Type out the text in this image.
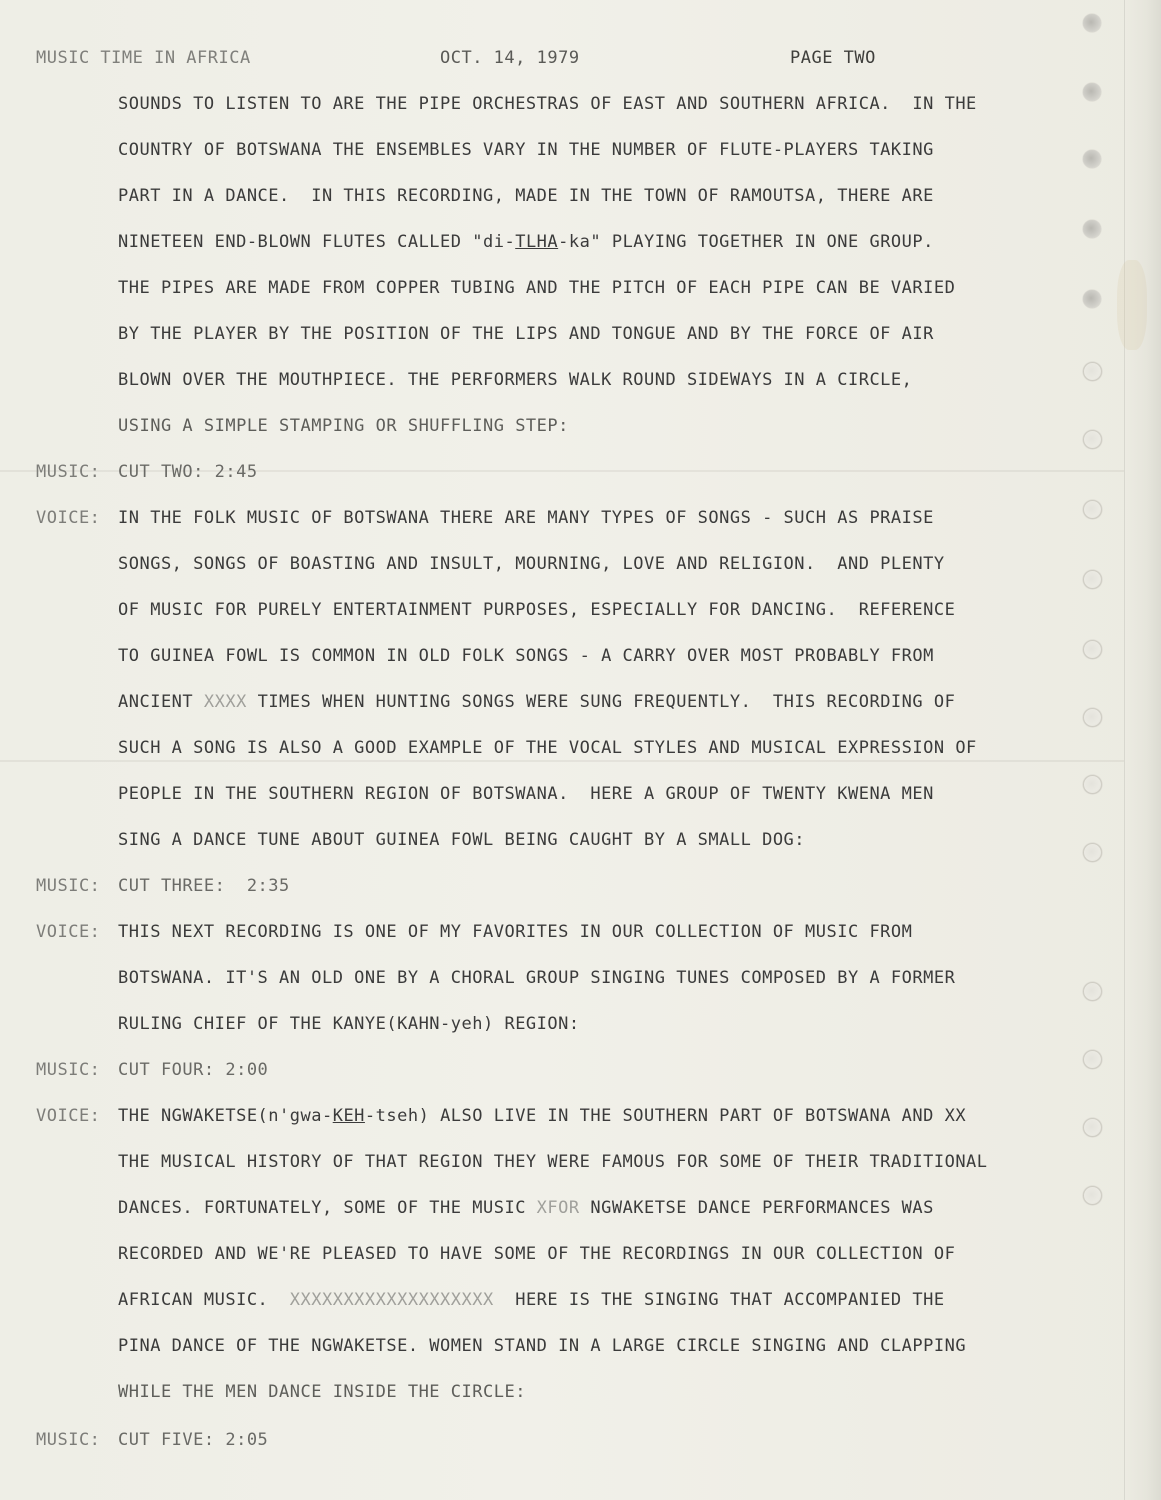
MUSIC TIME IN AFRICA	OCT. 14, 1979	PAGE TWO
SOUNDS TO LISTEN TO ARE THE PIPE ORCHESTRAS OF EAST AND SOUTHERN AFRICA.  IN THE
COUNTRY OF BOTSWANA THE ENSEMBLES VARY IN THE NUMBER OF FLUTE-PLAYERS TAKING
PART IN A DANCE.  IN THIS RECORDING, MADE IN THE TOWN OF RAMOUTSA, THERE ARE
NINETEEN END-BLOWN FLUTES CALLED "di-TLHA-ka" PLAYING TOGETHER IN ONE GROUP.
THE PIPES ARE MADE FROM COPPER TUBING AND THE PITCH OF EACH PIPE CAN BE VARIED
BY THE PLAYER BY THE POSITION OF THE LIPS AND TONGUE AND BY THE FORCE OF AIR
BLOWN OVER THE MOUTHPIECE. THE PERFORMERS WALK ROUND SIDEWAYS IN A CIRCLE,
USING A SIMPLE STAMPING OR SHUFFLING STEP:
MUSIC: CUT TWO: 2:45
VOICE: IN THE FOLK MUSIC OF BOTSWANA THERE ARE MANY TYPES OF SONGS - SUCH AS PRAISE
SONGS, SONGS OF BOASTING AND INSULT, MOURNING, LOVE AND RELIGION.  AND PLENTY
OF MUSIC FOR PURELY ENTERTAINMENT PURPOSES, ESPECIALLY FOR DANCING.  REFERENCE
TO GUINEA FOWL IS COMMON IN OLD FOLK SONGS - A CARRY OVER MOST PROBABLY FROM
ANCIENT XXXX TIMES WHEN HUNTING SONGS WERE SUNG FREQUENTLY.  THIS RECORDING OF
SUCH A SONG IS ALSO A GOOD EXAMPLE OF THE VOCAL STYLES AND MUSICAL EXPRESSION OF
PEOPLE IN THE SOUTHERN REGION OF BOTSWANA.  HERE A GROUP OF TWENTY KWENA MEN
SING A DANCE TUNE ABOUT GUINEA FOWL BEING CAUGHT BY A SMALL DOG:
MUSIC: CUT THREE:  2:35
VOICE: THIS NEXT RECORDING IS ONE OF MY FAVORITES IN OUR COLLECTION OF MUSIC FROM
BOTSWANA. IT'S AN OLD ONE BY A CHORAL GROUP SINGING TUNES COMPOSED BY A FORMER
RULING CHIEF OF THE KANYE(KAHN-yeh) REGION:
MUSIC: CUT FOUR: 2:00
VOICE: THE NGWAKETSE(n'gwa-KEH-tseh) ALSO LIVE IN THE SOUTHERN PART OF BOTSWANA AND XX
THE MUSICAL HISTORY OF THAT REGION THEY WERE FAMOUS FOR SOME OF THEIR TRADITIONAL
DANCES. FORTUNATELY, SOME OF THE MUSIC XFOR NGWAKETSE DANCE PERFORMANCES WAS
RECORDED AND WE'RE PLEASED TO HAVE SOME OF THE RECORDINGS IN OUR COLLECTION OF
AFRICAN MUSIC.  XXXXXXXXXXXXXXXXXXX  HERE IS THE SINGING THAT ACCOMPANIED THE
PINA DANCE OF THE NGWAKETSE. WOMEN STAND IN A LARGE CIRCLE SINGING AND CLAPPING
WHILE THE MEN DANCE INSIDE THE CIRCLE:
MUSIC: CUT FIVE: 2:05
